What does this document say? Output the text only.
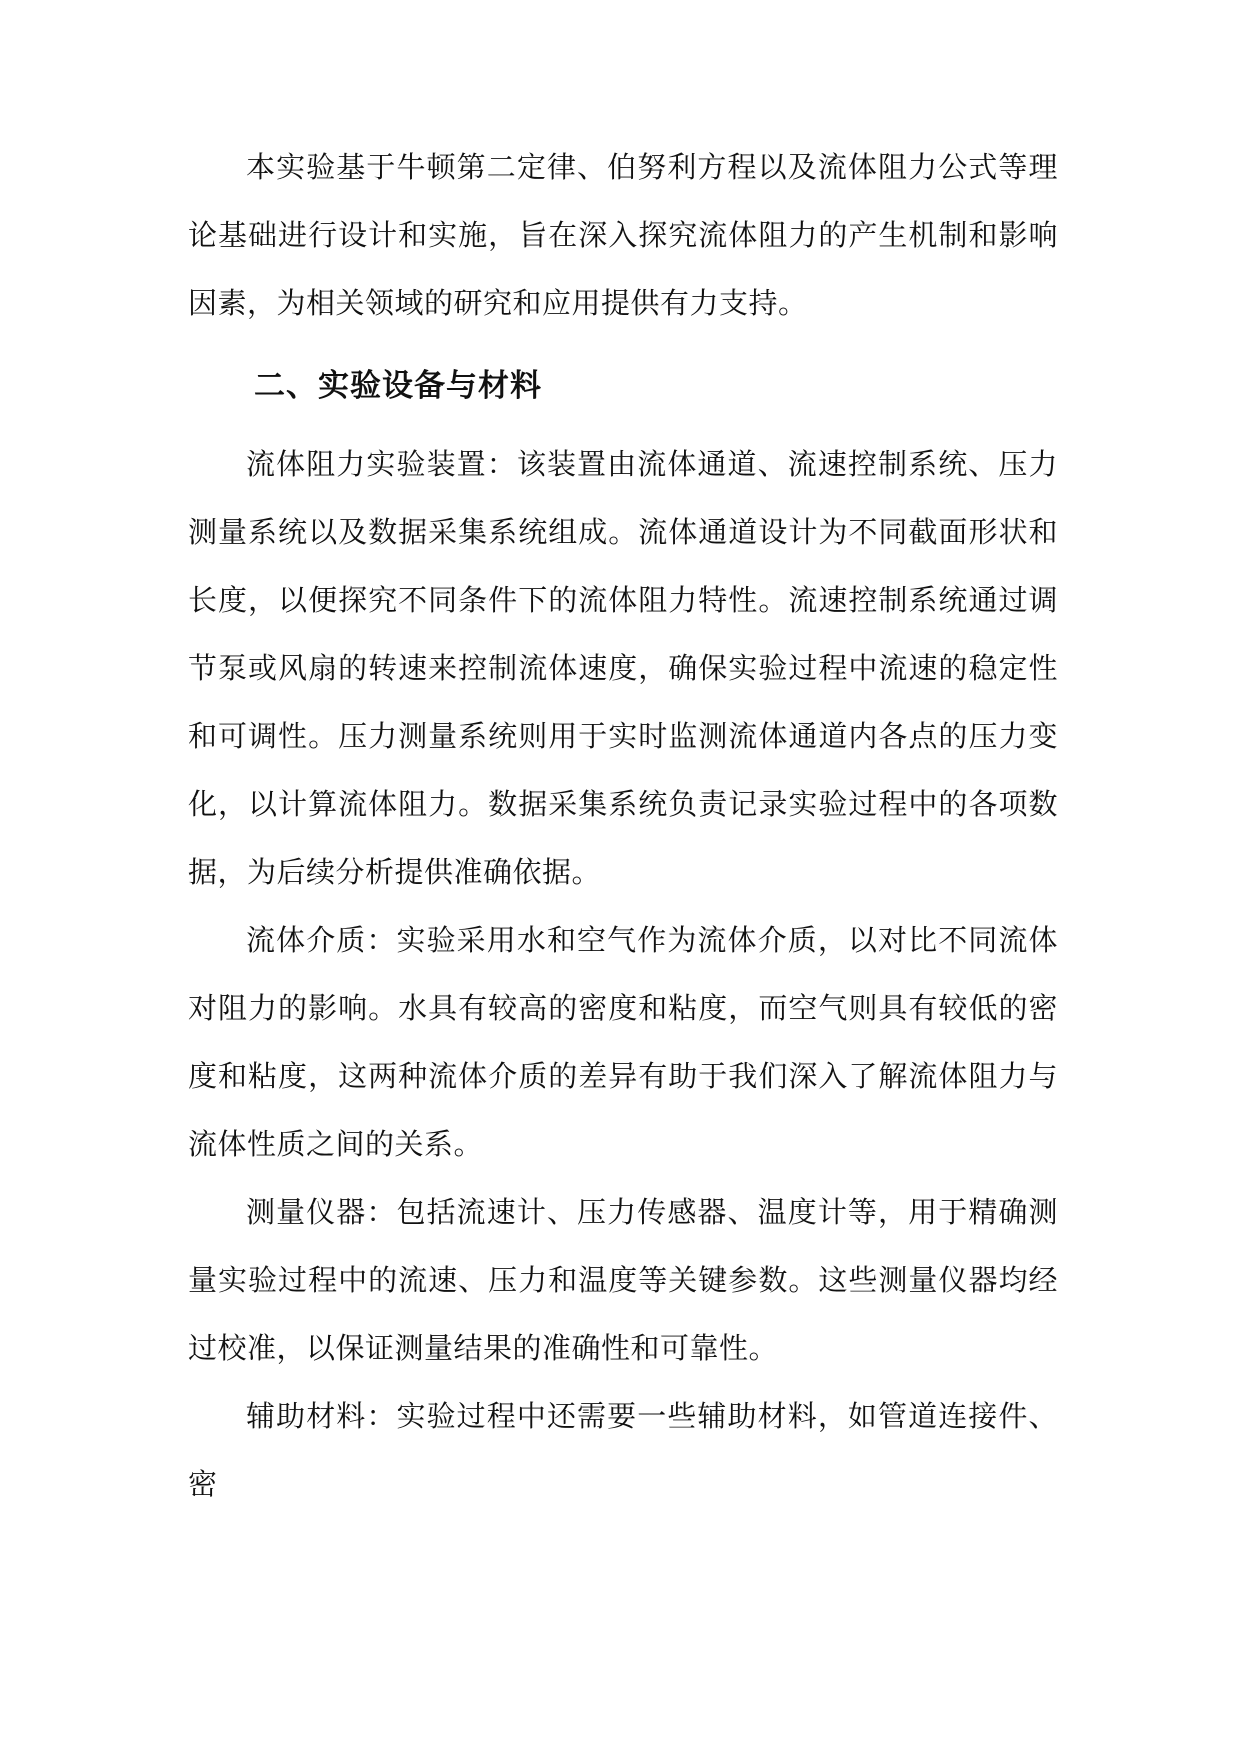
本实验基于牛顿第二定律、伯努利方程以及流体阻力公式等理论基础进行设计和实施，旨在深入探究流体阻力的产生机制和影响因素，为相关领域的研究和应用提供有力支持。

二、实验设备与材料

流体阻力实验装置：该装置由流体通道、流速控制系统、压力测量系统以及数据采集系统组成。流体通道设计为不同截面形状和长度，以便探究不同条件下的流体阻力特性。流速控制系统通过调节泵或风扇的转速来控制流体速度，确保实验过程中流速的稳定性和可调性。压力测量系统则用于实时监测流体通道内各点的压力变化，以计算流体阻力。数据采集系统负责记录实验过程中的各项数据，为后续分析提供准确依据。

流体介质：实验采用水和空气作为流体介质，以对比不同流体对阻力的影响。水具有较高的密度和粘度，而空气则具有较低的密度和粘度，这两种流体介质的差异有助于我们深入了解流体阻力与流体性质之间的关系。

测量仪器：包括流速计、压力传感器、温度计等，用于精确测量实验过程中的流速、压力和温度等关键参数。这些测量仪器均经过校准，以保证测量结果的准确性和可靠性。

辅助材料：实验过程中还需要一些辅助材料，如管道连接件、密
